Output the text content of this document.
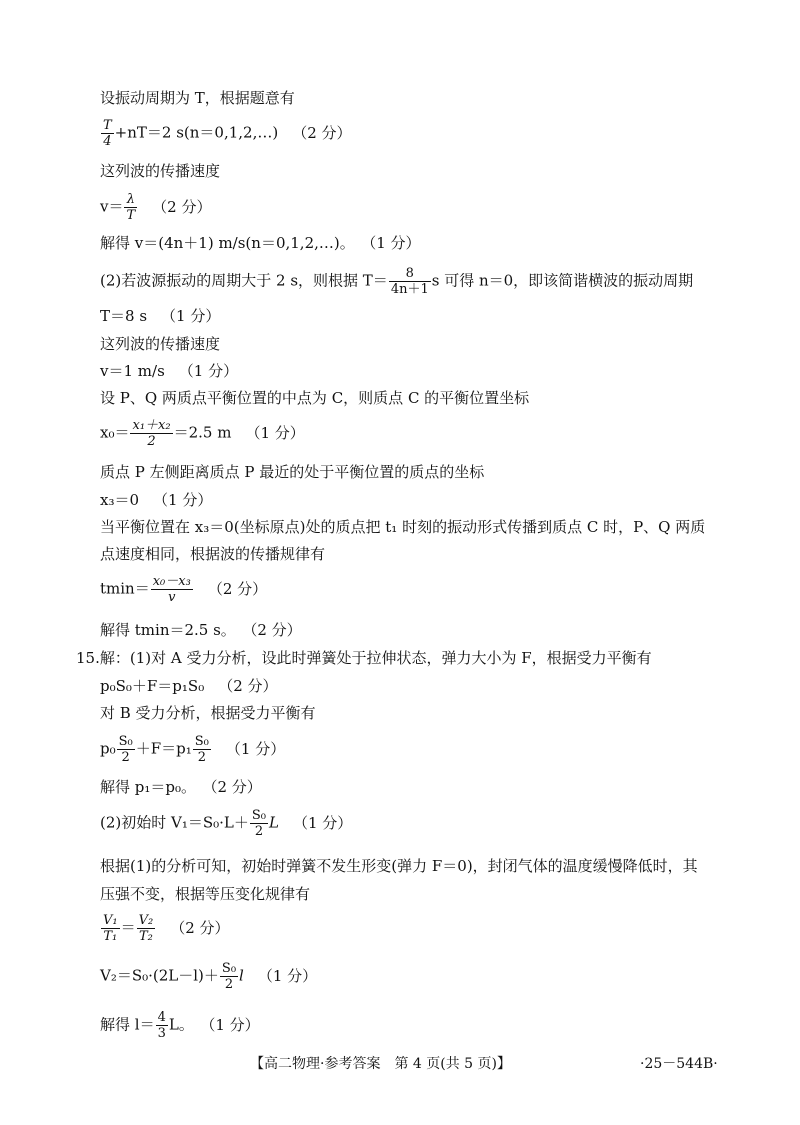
设振动周期为 T，根据题意有
$\frac{T}{4} +nT=2$ s(n＝0,1,2,…) （2 分）
这列波的传播速度
$v= \frac{\lambda}{T} (2$ 分）
解得 v＝(4n＋1) m/s(n＝0,1,2,…)。 （1 分）
(2)若波源振动的周期大于 2 s，则根据 $T= \frac{8}{4n+1}$ s 可得 n＝0，即该简谐横波的振动周期
T＝8 s （1 分）
这列波的传播速度
v＝1 m/s （1 分）
设 P、Q 两质点平衡位置的中点为 C，则质点 C 的平衡位置坐标
$x_0= \frac{\text{x₁＋x₂}}{2} =2.5$ m （1 分）
质点 P 左侧距离质点 P 最近的处于平衡位置的质点的坐标
x₃＝0 （1 分）
当平衡位置在 x₃＝0(坐标原点)处的质点把 t₁ 时刻的振动形式传播到质点 C 时，P、Q 两质
点速度相同，根据波的传播规律有
$tmin= \frac{\text{x₀－x₃}}{v} (2$ 分）
解得 tmin＝2.5 s。 （2 分）
15.解：(1)对 A 受力分析，设此时弹簧处于拉伸状态，弹力大小为 F，根据受力平衡有
p₀S₀＋F＝p₁S₀ （2 分）
对 B 受力分析，根据受力平衡有
$p_0 \frac{\text{S₀}}{2} +F=p_1 \frac{\text{S₀}}{2} (1$ 分）
解得 p₁＝p₀。 （2 分）
(2)初始时 $V_1=S_0\cdot L+ \frac{\text{S₀}}{2}$ L （1 分）
根据(1)的分析可知，初始时弹簧不发生形变(弹力 F＝0)，封闭气体的温度缓慢降低时，其
压强不变，根据等压变化规律有
$\frac{\text{V₁}}{\text{T₁}} = \frac{\text{V₂}}{\text{T₂}} (2$ 分）
$V_2=S_0\cdot(2L-l)+ \frac{\text{S₀}}{2}$ l （1 分）
解得 $l= \frac{4}{3}$ L。 （1 分）
【高二物理·参考答案　第 4 页(共 5 页)】	·25－544B·
